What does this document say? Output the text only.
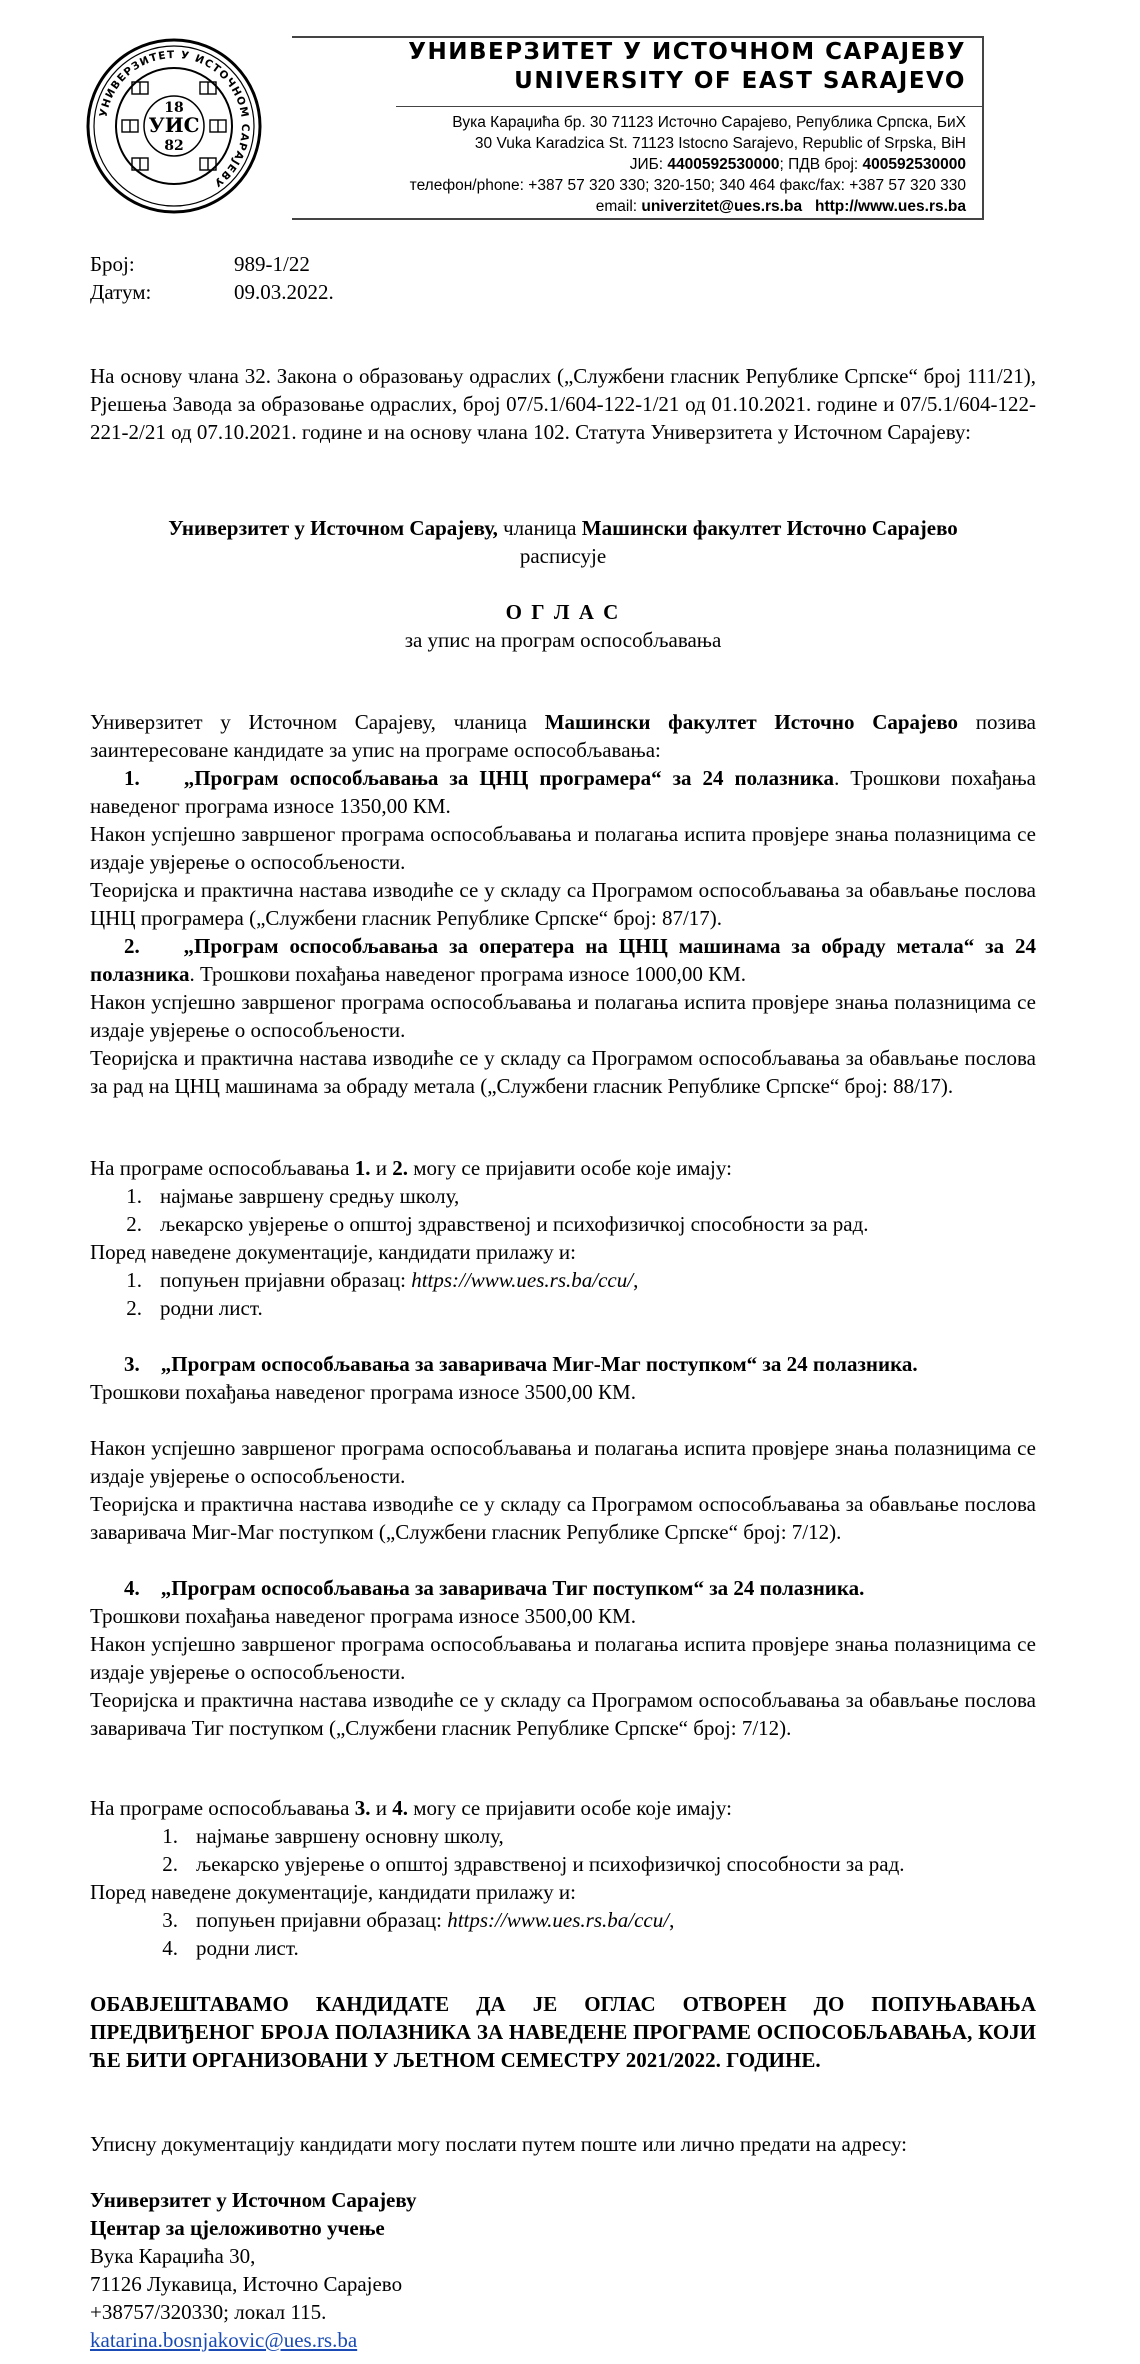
УНИВЕРЗИТЕТ У ИСТОЧНОМ САРАЈЕВУ
18
УИС
82
УНИВЕРЗИТЕТ У ИСТОЧНОМ САРАЈЕВУ
UNIVERSITY OF EAST SARAJEVO
Вука Караџића бр. 30 71123 Источно Сарајево, Република Српска, БиХ
30 Vuka Karadzica St. 71123 Istocno Sarajevo, Republic of Srpska, BiH
ЈИБ: 4400592530000; ПДВ број: 400592530000
телефон/phone: +387 57 320 330; 320-150; 340 464 факс/fax: +387 57 320 330
email: univerzitet@ues.rs.ba http://www.ues.rs.ba
Број:	989-1/22
Датум:	09.03.2022.

На основу члана 32. Закона о образовању одраслих („Службени гласник Републике Српске“ број 111/21), Рјешења Завода за образовање одраслих, број 07/5.1/604-122-1/21 од 01.10.2021. године и 07/5.1/604-122-221-2/21 од 07.10.2021. године и на основу члана 102. Статута Универзитета у Источном Сарајеву:

Универзитет у Источном Сарајеву, чланица Машински факултет Источно Сарајево
расписује
О Г Л А С
за упис на програм оспособљавања

Универзитет у Источном Сарајеву, чланица Машински факултет Источно Сарајево позива заинтересоване кандидате за упис на програме оспособљавања:

1. „Програм оспособљавања за ЦНЦ програмера“ за 24 полазника. Трошкови похађања наведеног програма износе 1350,00 КМ.

Након успјешно завршеног програма оспособљавања и полагања испита провјере знања полазницима се издаје увјерење о оспособљености.

Теоријска и практична настава изводиће се у складу са Програмом оспособљавања за обављање послова ЦНЦ програмера („Службени гласник Републике Српске“ број: 87/17).

2. „Програм оспособљавања за оператера на ЦНЦ машинама за обраду метала“ за 24 полазника. Трошкови похађања наведеног програма износе 1000,00 КМ.

Након успјешно завршеног програма оспособљавања и полагања испита провјере знања полазницима се издаје увјерење о оспособљености.

Теоријска и практична настава изводиће се у складу са Програмом оспособљавања за обављање послова за рад на ЦНЦ машинама за обраду метала („Службени гласник Републике Српске“ број: 88/17).

На програме оспособљавања 1. и 2. могу се пријавити особе које имају:

1. најмање завршену средњу школу,
2. љекарско увјерење о општој здравственој и психофизичкој способности за рад.

Поред наведене документације, кандидати прилажу и:

1. попуњен пријавни образац: https://www.ues.rs.ba/ccu/,
2. родни лист.

3. „Програм оспособљавања за заваривача Миг-Маг поступком“ за 24 полазника.

Трошкови похађања наведеног програма износе 3500,00 КМ.

Након успјешно завршеног програма оспособљавања и полагања испита провјере знања полазницима се издаје увјерење о оспособљености.

Теоријска и практична настава изводиће се у складу са Програмом оспособљавања за обављање послова заваривача Миг-Маг поступком („Службени гласник Републике Српске“ број: 7/12).

4. „Програм оспособљавања за заваривача Тиг поступком“ за 24 полазника.

Трошкови похађања наведеног програма износе 3500,00 КМ.

Након успјешно завршеног програма оспособљавања и полагања испита провјере знања полазницима се издаје увјерење о оспособљености.

Теоријска и практична настава изводиће се у складу са Програмом оспособљавања за обављање послова заваривача Тиг поступком („Службени гласник Републике Српске“ број: 7/12).

На програме оспособљавања 3. и 4. могу се пријавити особе које имају:

1. најмање завршену основну школу,
2. љекарско увјерење о општој здравственој и психофизичкој способности за рад.

Поред наведене документације, кандидати прилажу и:

3. попуњен пријавни образац: https://www.ues.rs.ba/ccu/,
4. родни лист.

ОБАВЈЕШТАВАМО КАНДИДАТЕ ДА ЈЕ ОГЛАС ОТВОРЕН ДО ПОПУЊАВАЊА ПРЕДВИЂЕНОГ БРОЈА ПОЛАЗНИКА ЗА НАВЕДЕНЕ ПРОГРАМЕ ОСПОСОБЉАВАЊА, КОЈИ ЋЕ БИТИ ОРГАНИЗОВАНИ У ЉЕТНОМ СЕМЕСТРУ 2021/2022. ГОДИНЕ.

Уписну документацију кандидати могу послати путем поште или лично предати на адресу:

Универзитет у Источном Сарајеву
Центар за цјеложивотно учење
Вука Караџића 30,
71126 Лукавица, Источно Сарајево
+38757/320330; локал 115.
katarina.bosnjakovic@ues.rs.ba
